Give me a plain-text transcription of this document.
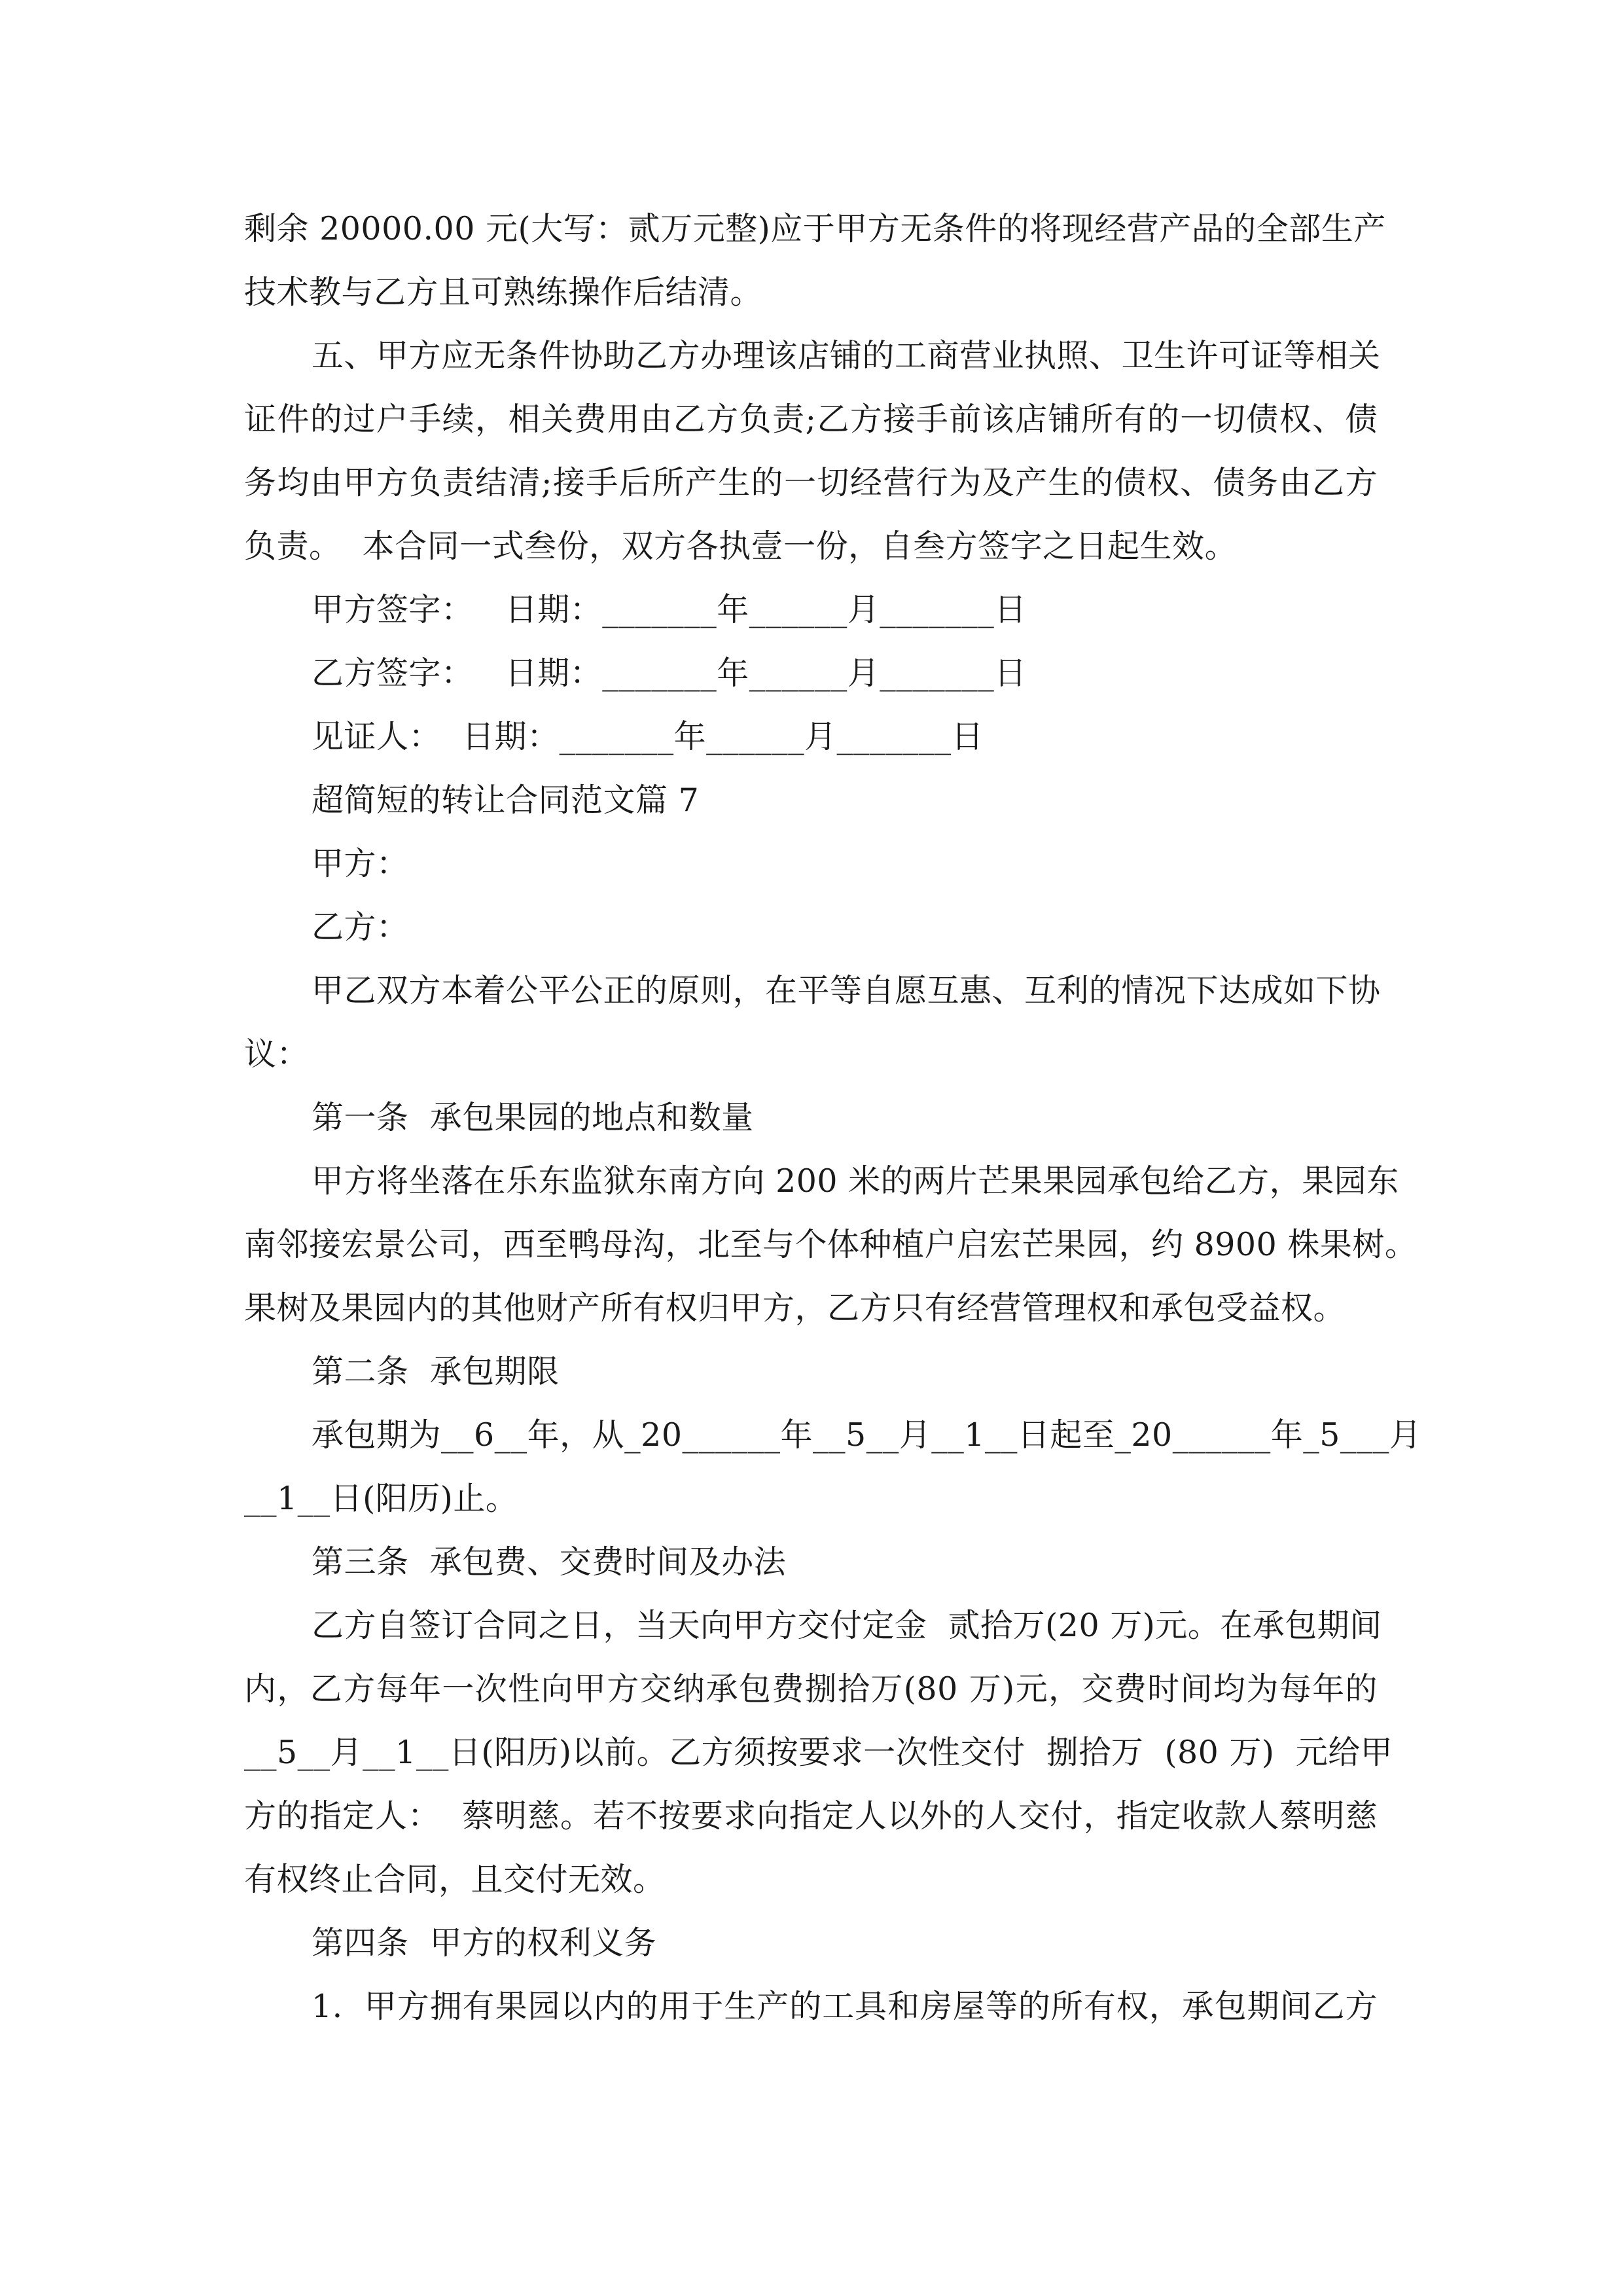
剩余 20000.00 元(大写：贰万元整)应于甲方无条件的将现经营产品的全部生产
技术教与乙方且可熟练操作后结清。
五、甲方应无条件协助乙方办理该店铺的工商营业执照、卫生许可证等相关
证件的过户手续，相关费用由乙方负责;乙方接手前该店铺所有的一切债权、债
务均由甲方负责结清;接手后所产生的一切经营行为及产生的债权、债务由乙方
负责。  本合同一式叁份，双方各执壹一份，自叁方签字之日起生效。
甲方签字：   日期：_______年______月_______日
乙方签字：   日期：_______年______月_______日
见证人：  日期：_______年______月_______日
超简短的转让合同范文篇 7
甲方：
乙方：
甲乙双方本着公平公正的原则，在平等自愿互惠、互利的情况下达成如下协
议：
第一条  承包果园的地点和数量
甲方将坐落在乐东监狱东南方向 200 米的两片芒果果园承包给乙方，果园东
南邻接宏景公司，西至鸭母沟，北至与个体种植户启宏芒果园，约 8900 株果树。
果树及果园内的其他财产所有权归甲方，乙方只有经营管理权和承包受益权。
第二条  承包期限
承包期为__6__年，从_20______年__5__月__1__日起至_20______年_5___月
__1__日(阳历)止。
第三条  承包费、交费时间及办法
乙方自签订合同之日，当天向甲方交付定金  贰拾万(20 万)元。在承包期间
内，乙方每年一次性向甲方交纳承包费捌拾万(80 万)元，交费时间均为每年的
__5__月__1__日(阳历)以前。乙方须按要求一次性交付  捌拾万  (80 万)  元给甲
方的指定人：  蔡明慈。若不按要求向指定人以外的人交付，指定收款人蔡明慈
有权终止合同，且交付无效。
第四条  甲方的权利义务
1.  甲方拥有果园以内的用于生产的工具和房屋等的所有权，承包期间乙方
